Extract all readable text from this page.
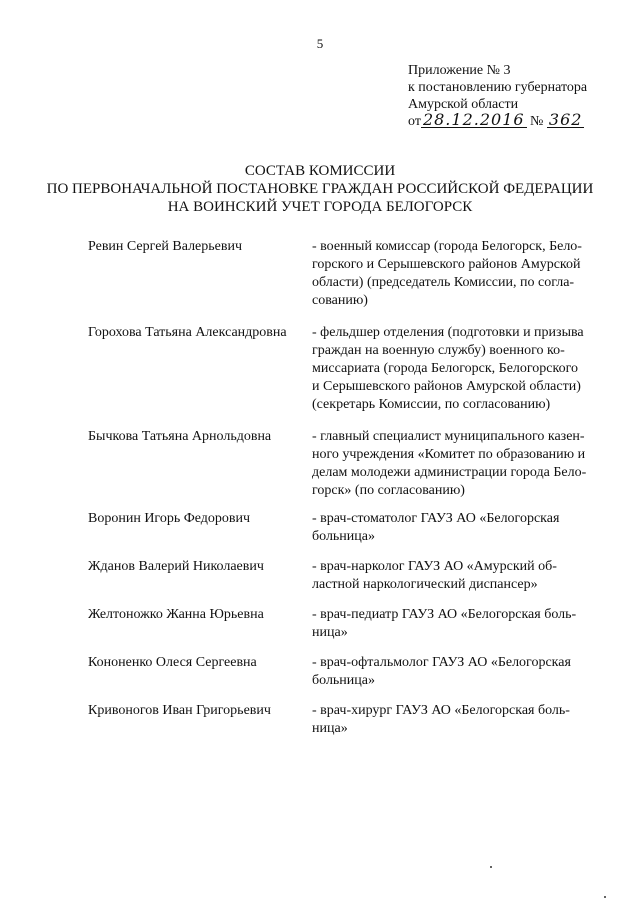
5
Приложение № 3
к постановлению губернатора
Амурской области
от 28.12.2016 № 362
СОСТАВ КОМИССИИ
ПО ПЕРВОНАЧАЛЬНОЙ ПОСТАНОВКЕ ГРАЖДАН РОССИЙСКОЙ ФЕДЕРАЦИИ
НА ВОИНСКИЙ УЧЕТ ГОРОДА БЕЛОГОРСК
Ревин Сергей Валерьевич	- военный комиссар (города Белогорск, Бело-
горского и Серышевского районов Амурской
области) (председатель Комиссии, по согла-
сованию)
Горохова Татьяна Александровна - фельдшер отделения (подготовки и призыва
граждан на военную службу) военного ко-
миссариата (города Белогорск, Белогорского
и Серышевского районов Амурской области)
(секретарь Комиссии, по согласованию)
Бычкова Татьяна Арнольдовна	- главный специалист муниципального казен-
ного учреждения «Комитет по образованию и
делам молодежи администрации города Бело-
горск» (по согласованию)
Воронин Игорь Федорович	- врач-стоматолог ГАУЗ АО «Белогорская
больница»
Жданов Валерий Николаевич	- врач-нарколог ГАУЗ АО «Амурский об-
ластной наркологический диспансер»
Желтоножко Жанна Юрьевна	- врач-педиатр ГАУЗ АО «Белогорская боль-
ница»
Кононенко Олеся Сергеевна	- врач-офтальмолог ГАУЗ АО «Белогорская
больница»
Кривоногов Иван Григорьевич	- врач-хирург ГАУЗ АО «Белогорская боль-
ница»
